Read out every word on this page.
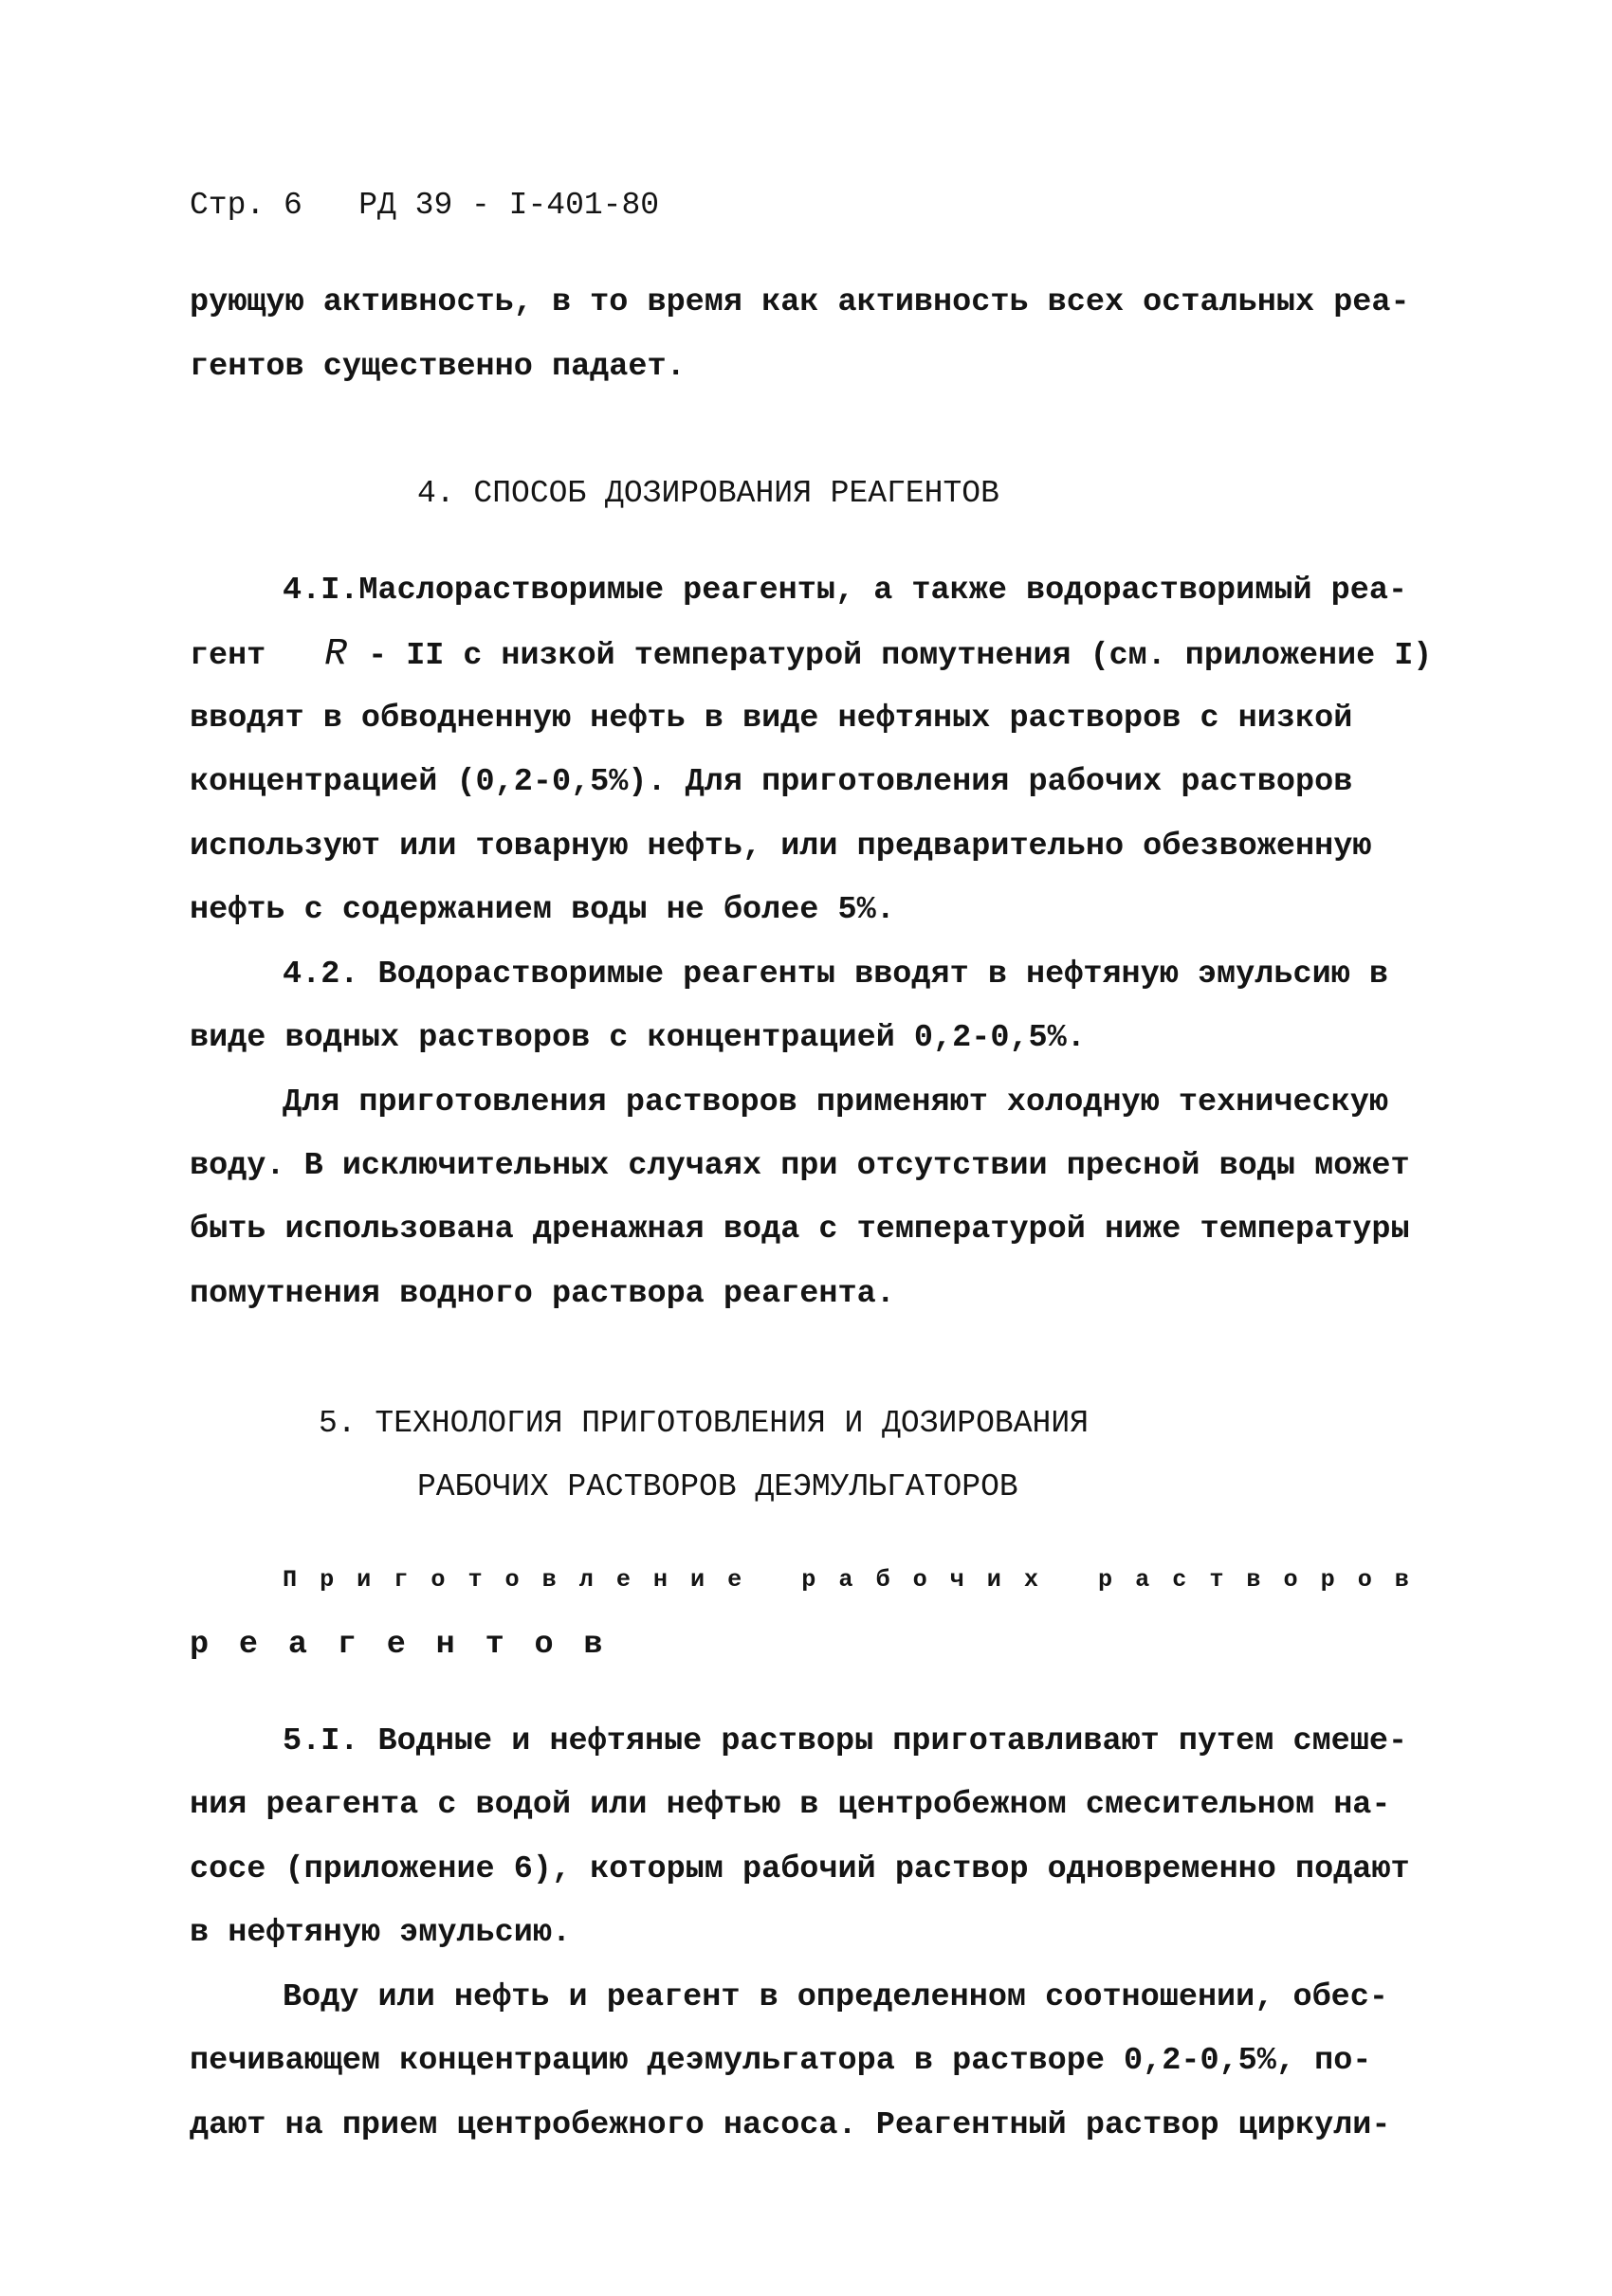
Стр. 6   РД 39 - I-401-80
рующую активность, в то время как активность всех остальных реа-
гентов существенно падает.
4. СПОСОБ ДОЗИРОВАНИЯ РЕАГЕНТОВ
4.I.Маслорастворимые реагенты, а также водорастворимый реа-
гент R - II с низкой температурой помутнения (см. приложение I)
вводят в обводненную нефть в виде нефтяных растворов с низкой
концентрацией (0,2-0,5%). Для приготовления рабочих растворов
используют или товарную нефть, или предварительно обезвоженную
нефть с содержанием воды не более 5%.
4.2. Водорастворимые реагенты вводят в нефтяную эмульсию в
виде водных растворов с концентрацией 0,2-0,5%.
Для приготовления растворов применяют холодную техническую
воду. В исключительных случаях при отсутствии пресной воды может
быть использована дренажная вода с температурой ниже температуры
помутнения водного раствора реагента.
5. ТЕХНОЛОГИЯ ПРИГОТОВЛЕНИЯ И ДОЗИРОВАНИЯ
РАБОЧИХ РАСТВОРОВ ДЕЭМУЛЬГАТОРОВ
Приготовление рабочих растворов
реагентов
5.I. Водные и нефтяные растворы приготавливают путем смеше-
ния реагента с водой или нефтью в центробежном смесительном на-
сосе (приложение 6), которым рабочий раствор одновременно подают
в нефтяную эмульсию.
Воду или нефть и реагент в определенном соотношении, обес-
печивающем концентрацию деэмульгатора в растворе 0,2-0,5%, по-
дают на прием центробежного насоса. Реагентный раствор циркули-
